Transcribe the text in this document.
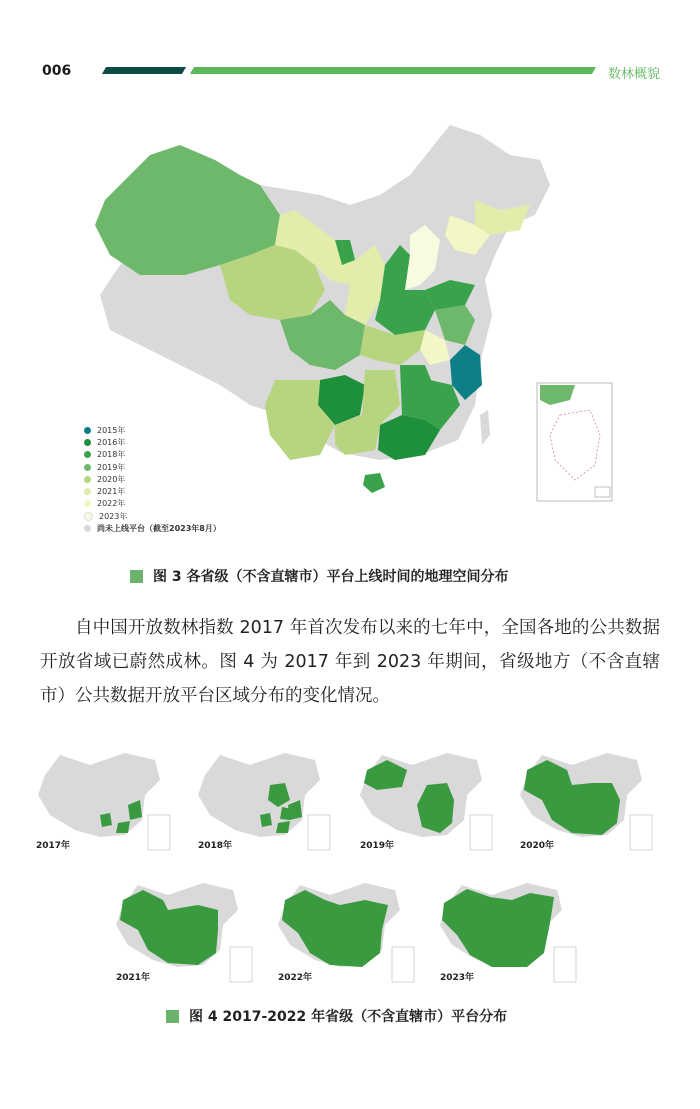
006	数林概貌
2015年
2016年
2018年
2019年
2020年
2021年
2022年
2023年
尚未上线平台（截至2023年8月）
图 3 各省级（不含直辖市）平台上线时间的地理空间分布

自中国开放数林指数 2017 年首次发布以来的七年中，全国各地的公共数据开放省域已蔚然成林。图 4 为 2017 年到 2023 年期间，省级地方（不含直辖市）公共数据开放平台区域分布的变化情况。

2017年	2018年	2019年	2020年
2021年	2022年	2023年
图 4 2017-2022 年省级（不含直辖市）平台分布
